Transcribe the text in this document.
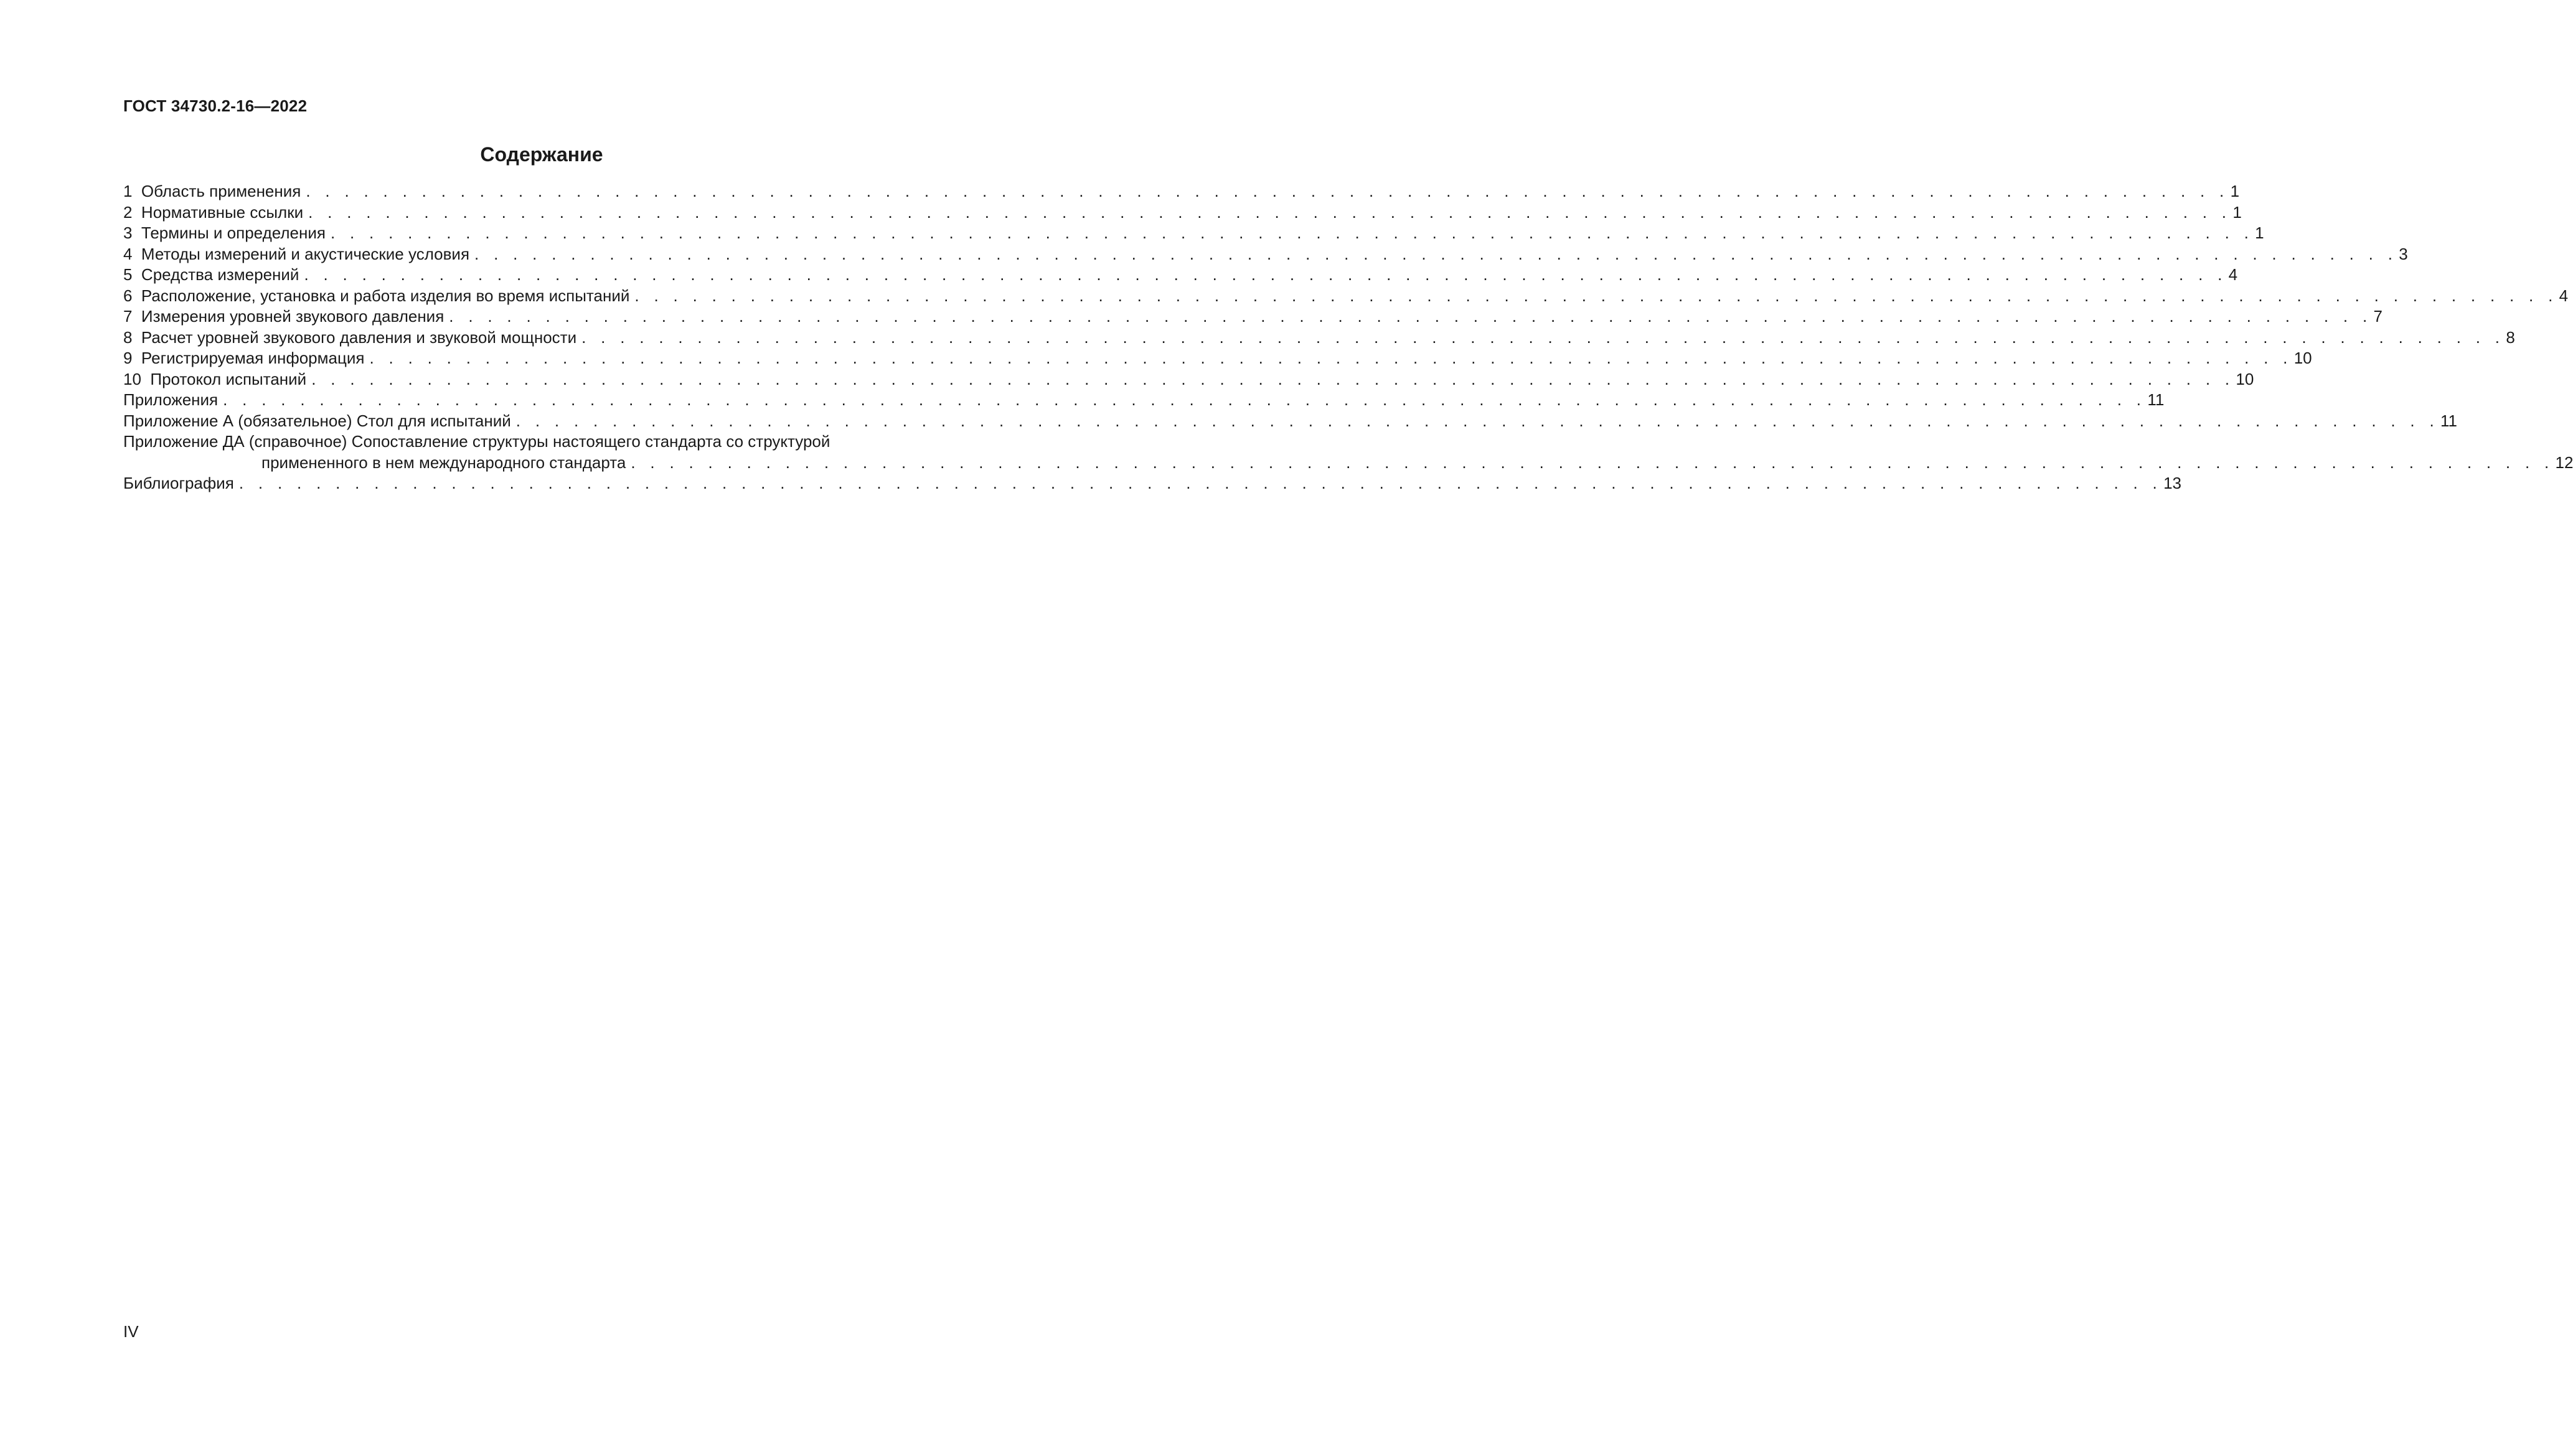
ГОСТ 34730.2-16—2022
Содержание
1 Область применения . . . . . . . . . . . . . . . . . . . . . . . . . . . . . . . . . . . . . . . . . . . . . . . . . . . . . . . . . . . . . . . . . . . . . . . . . . . . . . . . . . . . . . . . . . . . . . . . . . . . 1
2 Нормативные ссылки . . . . . . . . . . . . . . . . . . . . . . . . . . . . . . . . . . . . . . . . . . . . . . . . . . . . . . . . . . . . . . . . . . . . . . . . . . . . . . . . . . . . . . . . . . . . . . . . . . . . 1
3 Термины и определения . . . . . . . . . . . . . . . . . . . . . . . . . . . . . . . . . . . . . . . . . . . . . . . . . . . . . . . . . . . . . . . . . . . . . . . . . . . . . . . . . . . . . . . . . . . . . . . . . . . . 1
4 Методы измерений и акустические условия . . . . . . . . . . . . . . . . . . . . . . . . . . . . . . . . . . . . . . . . . . . . . . . . . . . . . . . . . . . . . . . . . . . . . . . . . . . . . . . . . . . . . . . . . . . . . . . . . . . . 3
5 Средства измерений . . . . . . . . . . . . . . . . . . . . . . . . . . . . . . . . . . . . . . . . . . . . . . . . . . . . . . . . . . . . . . . . . . . . . . . . . . . . . . . . . . . . . . . . . . . . . . . . . . . . 4
6 Расположение, установка и работа изделия во время испытаний . . . . . . . . . . . . . . . . . . . . . . . . . . . . . . . . . . . . . . . . . . . . . . . . . . . . . . . . . . . . . . . . . . . . . . . . . . . . . . . . . . . . . . . . . . . . . . . . . . . . 4
7 Измерения уровней звукового давления . . . . . . . . . . . . . . . . . . . . . . . . . . . . . . . . . . . . . . . . . . . . . . . . . . . . . . . . . . . . . . . . . . . . . . . . . . . . . . . . . . . . . . . . . . . . . . . . . . . . 7
8 Расчет уровней звукового давления и звуковой мощности . . . . . . . . . . . . . . . . . . . . . . . . . . . . . . . . . . . . . . . . . . . . . . . . . . . . . . . . . . . . . . . . . . . . . . . . . . . . . . . . . . . . . . . . . . . . . . . . . . . . 8
9 Регистрируемая информация . . . . . . . . . . . . . . . . . . . . . . . . . . . . . . . . . . . . . . . . . . . . . . . . . . . . . . . . . . . . . . . . . . . . . . . . . . . . . . . . . . . . . . . . . . . . . . . . . . . . 10
10 Протокол испытаний . . . . . . . . . . . . . . . . . . . . . . . . . . . . . . . . . . . . . . . . . . . . . . . . . . . . . . . . . . . . . . . . . . . . . . . . . . . . . . . . . . . . . . . . . . . . . . . . . . . . 10
Приложения . . . . . . . . . . . . . . . . . . . . . . . . . . . . . . . . . . . . . . . . . . . . . . . . . . . . . . . . . . . . . . . . . . . . . . . . . . . . . . . . . . . . . . . . . . . . . . . . . . . . 11
Приложение А (обязательное) Стол для испытаний . . . . . . . . . . . . . . . . . . . . . . . . . . . . . . . . . . . . . . . . . . . . . . . . . . . . . . . . . . . . . . . . . . . . . . . . . . . . . . . . . . . . . . . . . . . . . . . . . . . . 11
Приложение ДА (справочное) Сопоставление структуры настоящего стандарта со структурой
примененного в нем международного стандарта . . . . . . . . . . . . . . . . . . . . . . . . . . . . . . . . . . . . . . . . . . . . . . . . . . . . . . . . . . . . . . . . . . . . . . . . . . . . . . . . . . . . . . . . . . . . . . . . . . . . 12
Библиография . . . . . . . . . . . . . . . . . . . . . . . . . . . . . . . . . . . . . . . . . . . . . . . . . . . . . . . . . . . . . . . . . . . . . . . . . . . . . . . . . . . . . . . . . . . . . . . . . . . . 13
IV
